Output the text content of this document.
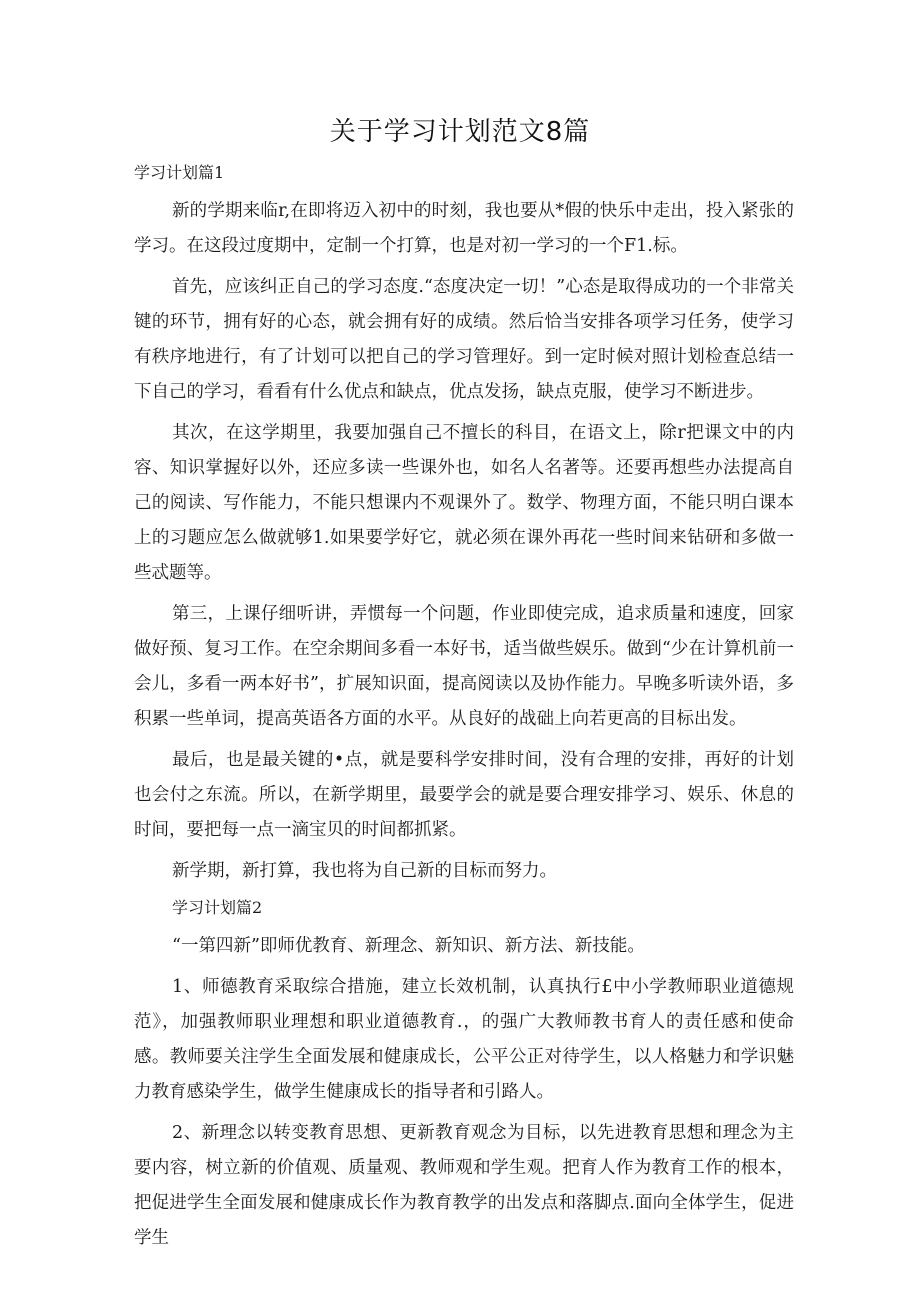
关于学习计划范文8篇
学习计划篇1

新的学期来临r,在即将迈入初中的时刻，我也要从*假的快乐中走出，投入紧张的学习。在这段过度期中，定制一个打算，也是对初一学习的一个F1.标。

首先，应该纠正自己的学习态度.“态度决定一切！”心态是取得成功的一个非常关键的环节，拥有好的心态，就会拥有好的成绩。然后恰当安排各项学习任务，使学习有秩序地进行，有了计划可以把自己的学习管理好。到一定时候对照计划检查总结一下自己的学习，看看有什么优点和缺点，优点发扬，缺点克服，使学习不断进步。

其次，在这学期里，我要加强自己不擅长的科目，在语文上，除r把课文中的内容、知识掌握好以外，还应多读一些课外也，如名人名著等。还要再想些办法提高自己的阅读、写作能力，不能只想课内不观课外了。数学、物理方面，不能只明白课本上的习题应怎么做就够1.如果要学好它，就必须在课外再花一些时间来钻研和多做一些忒题等。

第三，上课仔细听讲，弄惯每一个问题，作业即使完成，追求质量和速度，回家做好预、复习工作。在空余期间多看一本好书，适当做些娱乐。做到“少在计算机前一会儿，多看一两本好书”，扩展知识面，提高阅读以及协作能力。早晚多听读外语，多积累一些单词，提高英语各方面的水平。从良好的战础上向若更高的目标出发。

最后，也是最关键的•点，就是要科学安排时间，没有合理的安排，再好的计划也会付之东流。所以，在新学期里，最要学会的就是要合理安排学习、娱乐、休息的时间，要把每一点一滴宝贝的时间都抓紧。

新学期，新打算，我也将为自己新的目标而努力。

学习计划篇2

“一第四新”即师优教育、新理念、新知识、新方法、新技能。

1、师德教育采取综合措施，建立长效机制，认真执行£中小学教师职业道德规范》，加强教师职业理想和职业道德教育.，的强广大教师教书育人的责任感和使命感。教师要关注学生全面发展和健康成长，公平公正对待学生，以人格魅力和学识魅力教育感染学生，做学生健康成长的指导者和引路人。

2、新理念以转变教育思想、更新教育观念为目标，以先进教育思想和理念为主要内容，树立新的价值观、质量观、教师观和学生观。把育人作为教育工作的根本，把促进学生全面发展和健康成长作为教育教学的出发点和落脚点.面向全体学生，促进学生
